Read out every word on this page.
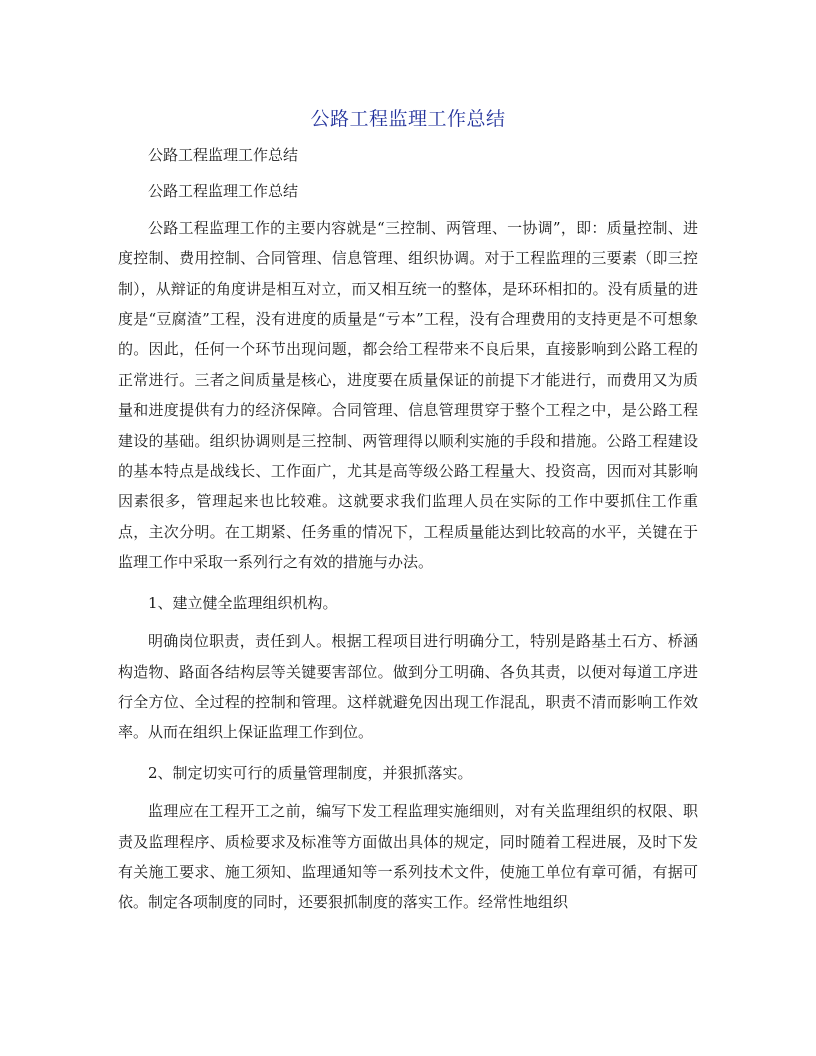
公路工程监理工作总结

公路工程监理工作总结

公路工程监理工作总结

公路工程监理工作的主要内容就是“三控制、两管理、一协调”，即：质量控制、进度控制、费用控制、合同管理、信息管理、组织协调。对于工程监理的三要素（即三控制），从辩证的角度讲是相互对立，而又相互统一的整体，是环环相扣的。没有质量的进度是“豆腐渣”工程，没有进度的质量是“亏本”工程，没有合理费用的支持更是不可想象的。因此，任何一个环节出现问题，都会给工程带来不良后果，直接影响到公路工程的正常进行。三者之间质量是核心，进度要在质量保证的前提下才能进行，而费用又为质量和进度提供有力的经济保障。合同管理、信息管理贯穿于整个工程之中，是公路工程建设的基础。组织协调则是三控制、两管理得以顺利实施的手段和措施。公路工程建设的基本特点是战线长、工作面广，尤其是高等级公路工程量大、投资高，因而对其影响因素很多，管理起来也比较难。这就要求我们监理人员在实际的工作中要抓住工作重点，主次分明。在工期紧、任务重的情况下，工程质量能达到比较高的水平，关键在于监理工作中采取一系列行之有效的措施与办法。

1、建立健全监理组织机构。

明确岗位职责，责任到人。根据工程项目进行明确分工，特别是路基土石方、桥涵构造物、路面各结构层等关键要害部位。做到分工明确、各负其责，以便对每道工序进行全方位、全过程的控制和管理。这样就避免因出现工作混乱，职责不清而影响工作效率。从而在组织上保证监理工作到位。

2、制定切实可行的质量管理制度，并狠抓落实。

监理应在工程开工之前，编写下发工程监理实施细则，对有关监理组织的权限、职责及监理程序、质检要求及标准等方面做出具体的规定，同时随着工程进展，及时下发有关施工要求、施工须知、监理通知等一系列技术文件，使施工单位有章可循，有据可依。制定各项制度的同时，还要狠抓制度的落实工作。经常性地组织
